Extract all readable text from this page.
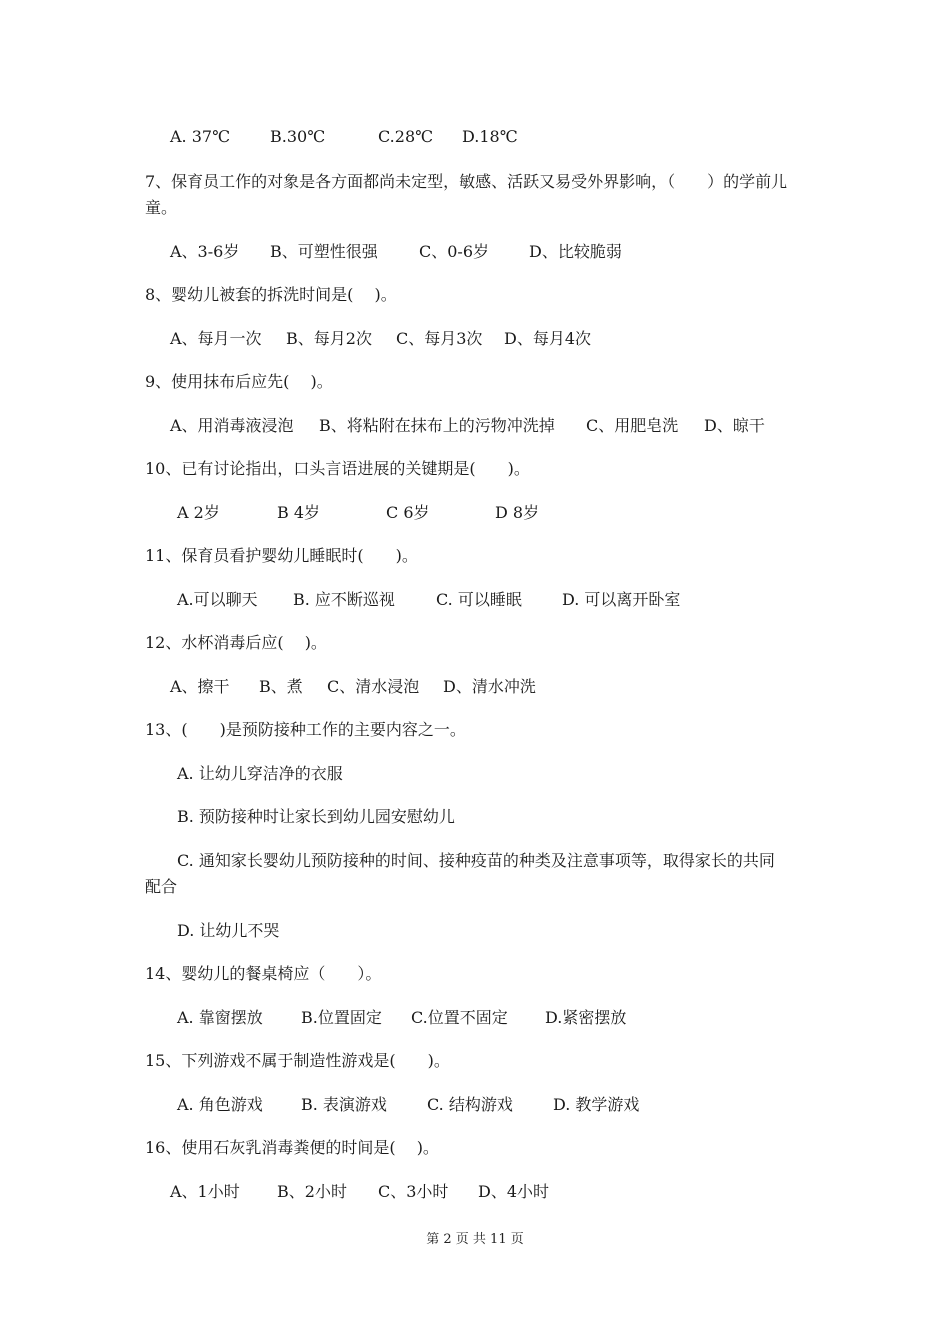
A. 37℃	B.30℃	C.28℃ D.18℃
7、保育员工作的对象是各方面都尚未定型，敏感、活跃又易受外界影响，（　　）的学前儿
童。
A、3-6岁 B、可塑性很强	C、0-6岁 D、比较脆弱
8、婴幼儿被套的拆洗时间是(　 )。
A、每月一次 B、每月2次 C、每月3次 D、每月4次
9、使用抹布后应先(　 )。
A、用消毒液浸泡 B、将粘附在抹布上的污物冲洗掉 C、用肥皂洗 D、晾干
10、已有讨论指出，口头言语进展的关键期是(　　)。
A 2岁	B 4岁	C 6岁	D 8岁
11、保育员看护婴幼儿睡眠时(　　)。
A.可以聊天 B. 应不断巡视	C. 可以睡眠	D. 可以离开卧室
12、水杯消毒后应(　 )。
A、擦干 B、煮 C、清水浸泡 D、清水冲洗
13、(　　)是预防接种工作的主要内容之一。
A. 让幼儿穿洁净的衣服
B. 预防接种时让家长到幼儿园安慰幼儿
C. 通知家长婴幼儿预防接种的时间、接种疫苗的种类及注意事项等，取得家长的共同
配合
D. 让幼儿不哭
14、婴幼儿的餐桌椅应（　　）。
A. 靠窗摆放 B.位置固定 C.位置不固定 D.紧密摆放
15、下列游戏不属于制造性游戏是(　　)。
A. 角色游戏 B. 表演游戏	C. 结构游戏	D. 教学游戏
16、使用石灰乳消毒粪便的时间是(　 )。
A、1小时 B、2小时 C、3小时 D、4小时
第 2 页 共 11 页
